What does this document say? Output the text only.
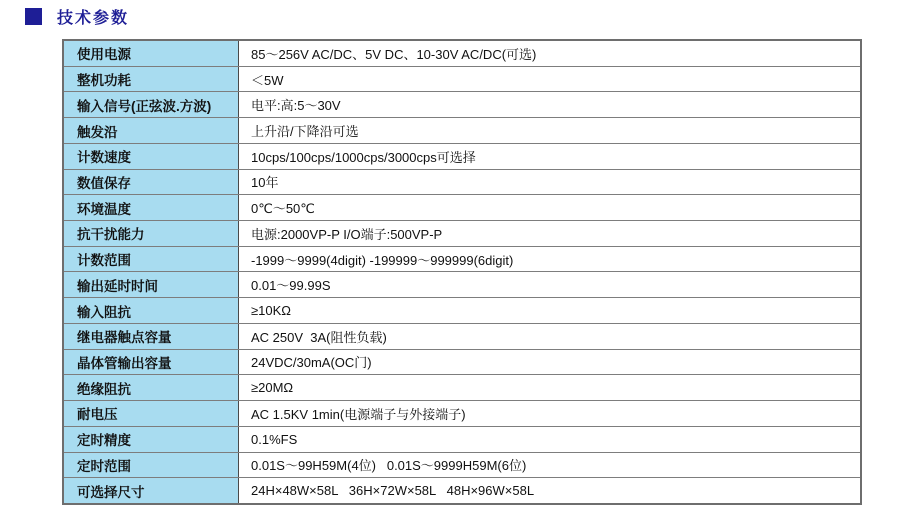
技术参数
使用电源	85～256V AC/DC、5V DC、10-30V AC/DC(可选)
整机功耗	＜5W
输入信号(正弦波.方波)	电平:高:5～30V
触发沿	上升沿/下降沿可选
计数速度	10cps/100cps/1000cps/3000cps可选择
数值保存	10年
环境温度	0℃～50℃
抗干扰能力	电源:2000VP-P I/O端子:500VP-P
计数范围	-1999～9999(4digit) -199999～999999(6digit)
输出延时时间	0.01～99.99S
输入阻抗	≥10KΩ
继电器触点容量	AC 250V  3A(阻性负载)
晶体管输出容量	24VDC/30mA(OC门)
绝缘阻抗	≥20MΩ
耐电压	AC 1.5KV 1min(电源端子与外接端子)
定时精度	0.1%FS
定时范围	0.01S～99H59M(4位)   0.01S～9999H59M(6位)
可选择尺寸	24H×48W×58L   36H×72W×58L   48H×96W×58L
